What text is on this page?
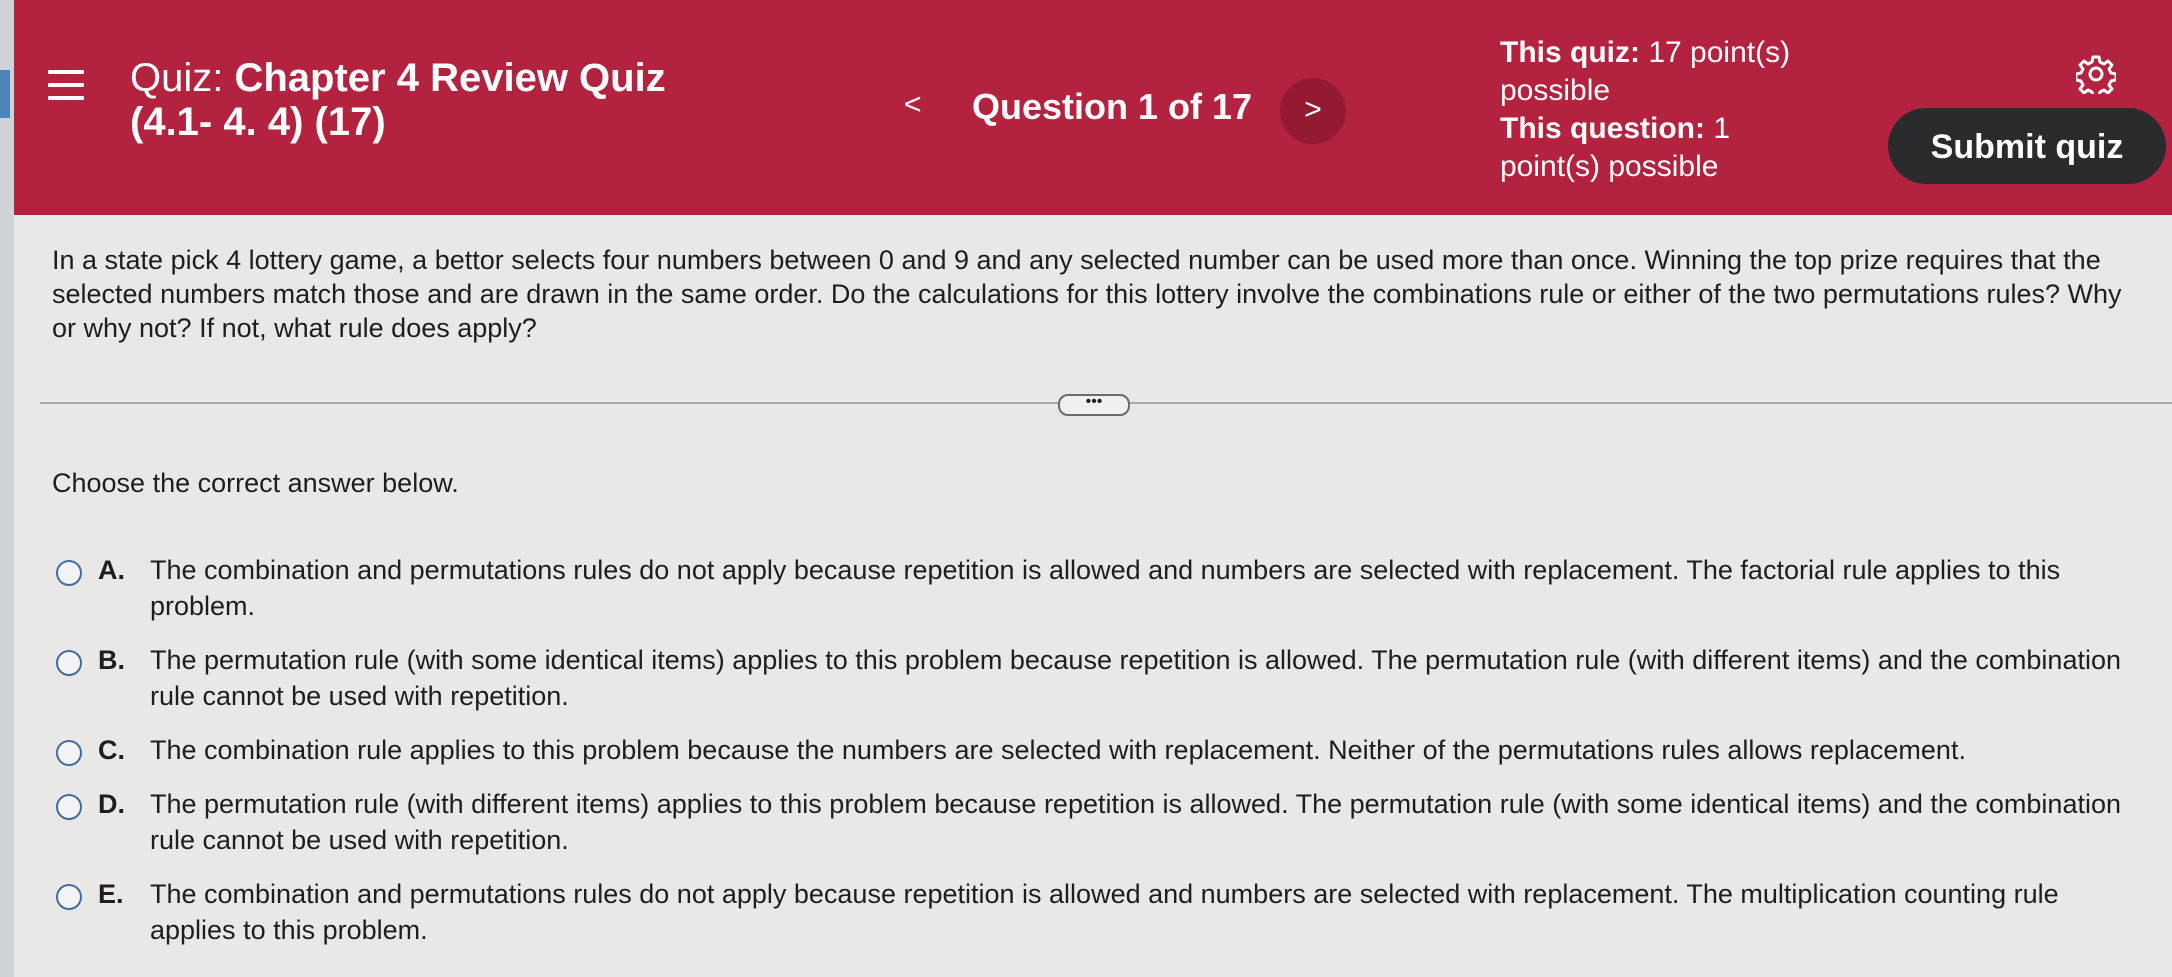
Quiz: Chapter 4 Review Quiz
(4.1- 4. 4) (17)	< Question 1 of 17	>
This quiz: 17 point(s)
possible
This question: 1
point(s) possible
Submit quiz
In a state pick 4 lottery game, a bettor selects four numbers between 0 and 9 and any selected number can be used more than once. Winning the top prize requires that the selected numbers match those and are drawn in the same order. Do the calculations for this lottery involve the combinations rule or either of the two permutations rules? Why or why not? If not, what rule does apply?
•••
Choose the correct answer below.
A. The combination and permutations rules do not apply because repetition is allowed and numbers are selected with replacement. The factorial rule applies to this problem.
B. The permutation rule (with some identical items) applies to this problem because repetition is allowed. The permutation rule (with different items) and the combination rule cannot be used with repetition.
C. The combination rule applies to this problem because the numbers are selected with replacement. Neither of the permutations rules allows replacement.
D. The permutation rule (with different items) applies to this problem because repetition is allowed. The permutation rule (with some identical items) and the combination rule cannot be used with repetition.
E. The combination and permutations rules do not apply because repetition is allowed and numbers are selected with replacement. The multiplication counting rule applies to this problem.
